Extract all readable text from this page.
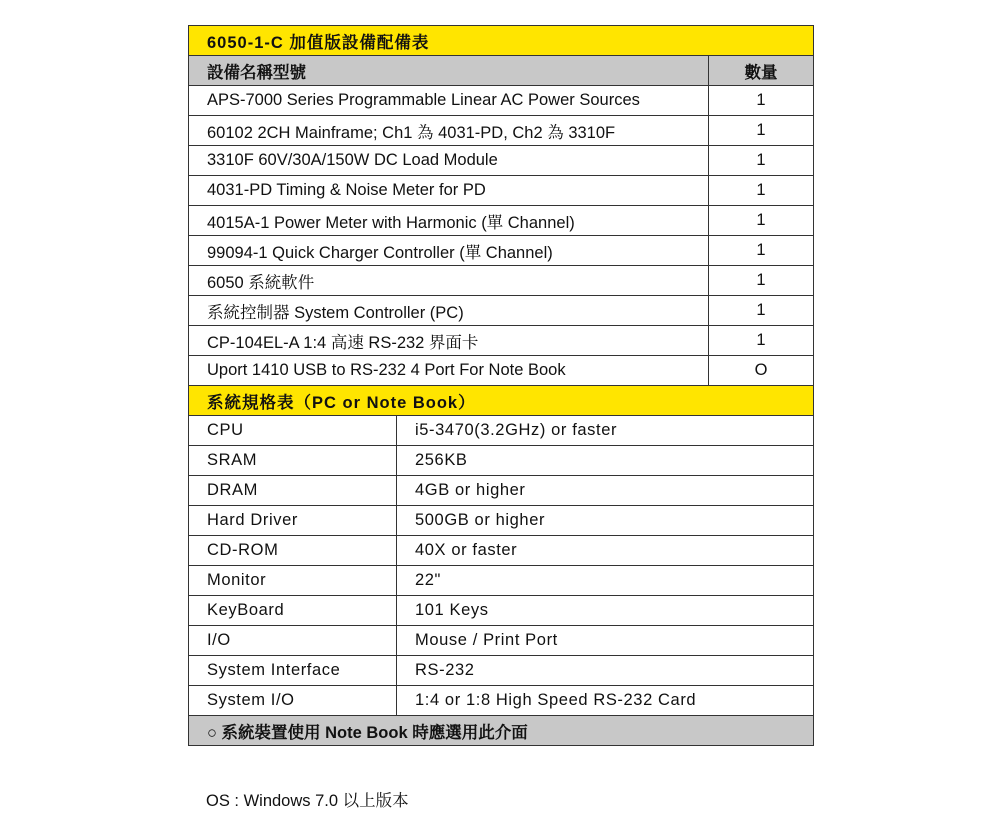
6050-1-C 加值版設備配備表		
設備名稱型號		數量
APS-7000 Series Programmable Linear AC Power Sources		1
60102 2CH Mainframe; Ch1 為 4031-PD, Ch2 為 3310F		1
3310F 60V/30A/150W DC Load Module		1
4031-PD Timing & Noise Meter for PD		1
4015A-1 Power Meter with Harmonic (單 Channel)		1
99094-1 Quick Charger Controller (單 Channel)		1
6050 系統軟件		1
系統控制器 System Controller (PC)		1
CP-104EL-A 1:4 高速 RS-232 界面卡		1
Uport 1410 USB to RS-232 4 Port For Note Book		O
系統規格表（PC or Note Book）		
CPU	i5-3470(3.2GHz) or faster	
SRAM	256KB	
DRAM	4GB or higher	
Hard Driver	500GB or higher	
CD-ROM	40X or faster	
Monitor	22"	
KeyBoard	101 Keys	
I/O	Mouse / Print Port	
System Interface	RS-232	
System I/O	1:4 or 1:8 High Speed RS-232 Card	
○ 系統裝置使用 Note Book 時應選用此介面		
OS : Windows 7.0 以上版本
